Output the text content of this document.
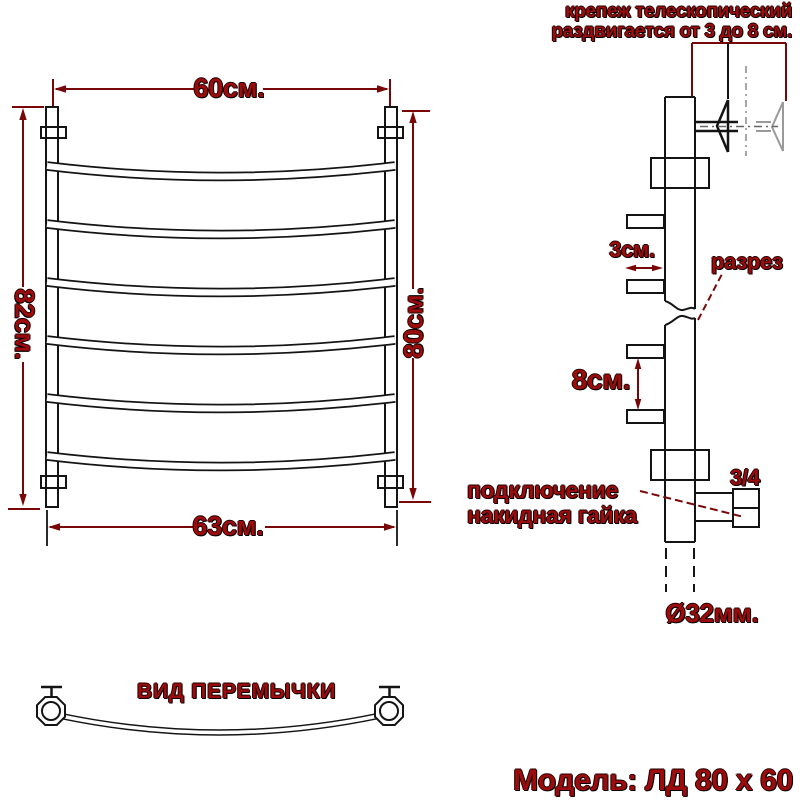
крепеж телескопический
раздвигается от 3 до 8 см.
60см.
82см.	80см.
63см.
3см.	разрез
8см.
подключение
накидная гайка
3/4
Ø32мм.
ВИД ПЕРЕМЫЧКИ
Модель: ЛД 80 х 60
